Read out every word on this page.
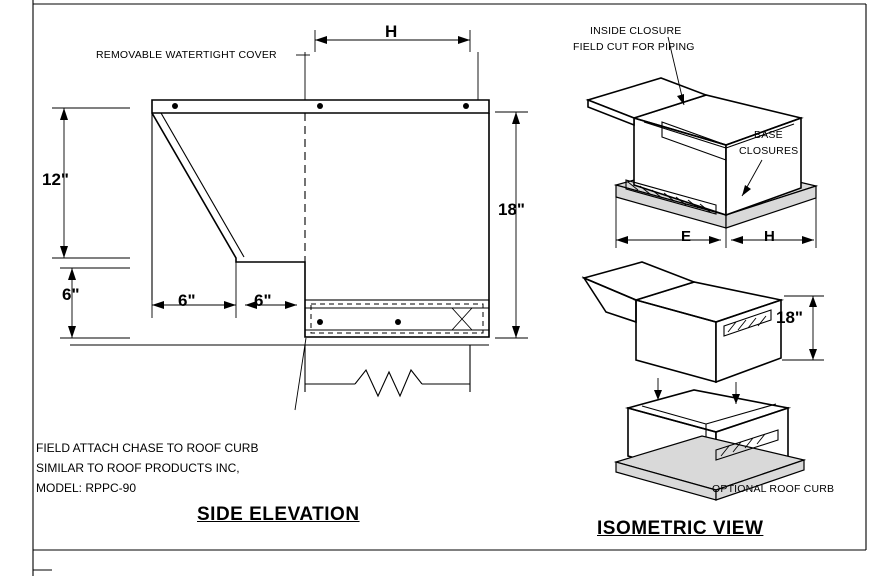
REMOVABLE WATERTIGHT COVER
H
12"
6"
18"
6"	6"
FIELD ATTACH CHASE TO ROOF CURB
SIMILAR TO ROOF PRODUCTS INC,
MODEL: RPPC-90
SIDE ELEVATION
INSIDE CLOSURE
FIELD CUT FOR PIPING
BASE
CLOSURES
E	H
18"
OPTIONAL ROOF CURB
ISOMETRIC VIEW
